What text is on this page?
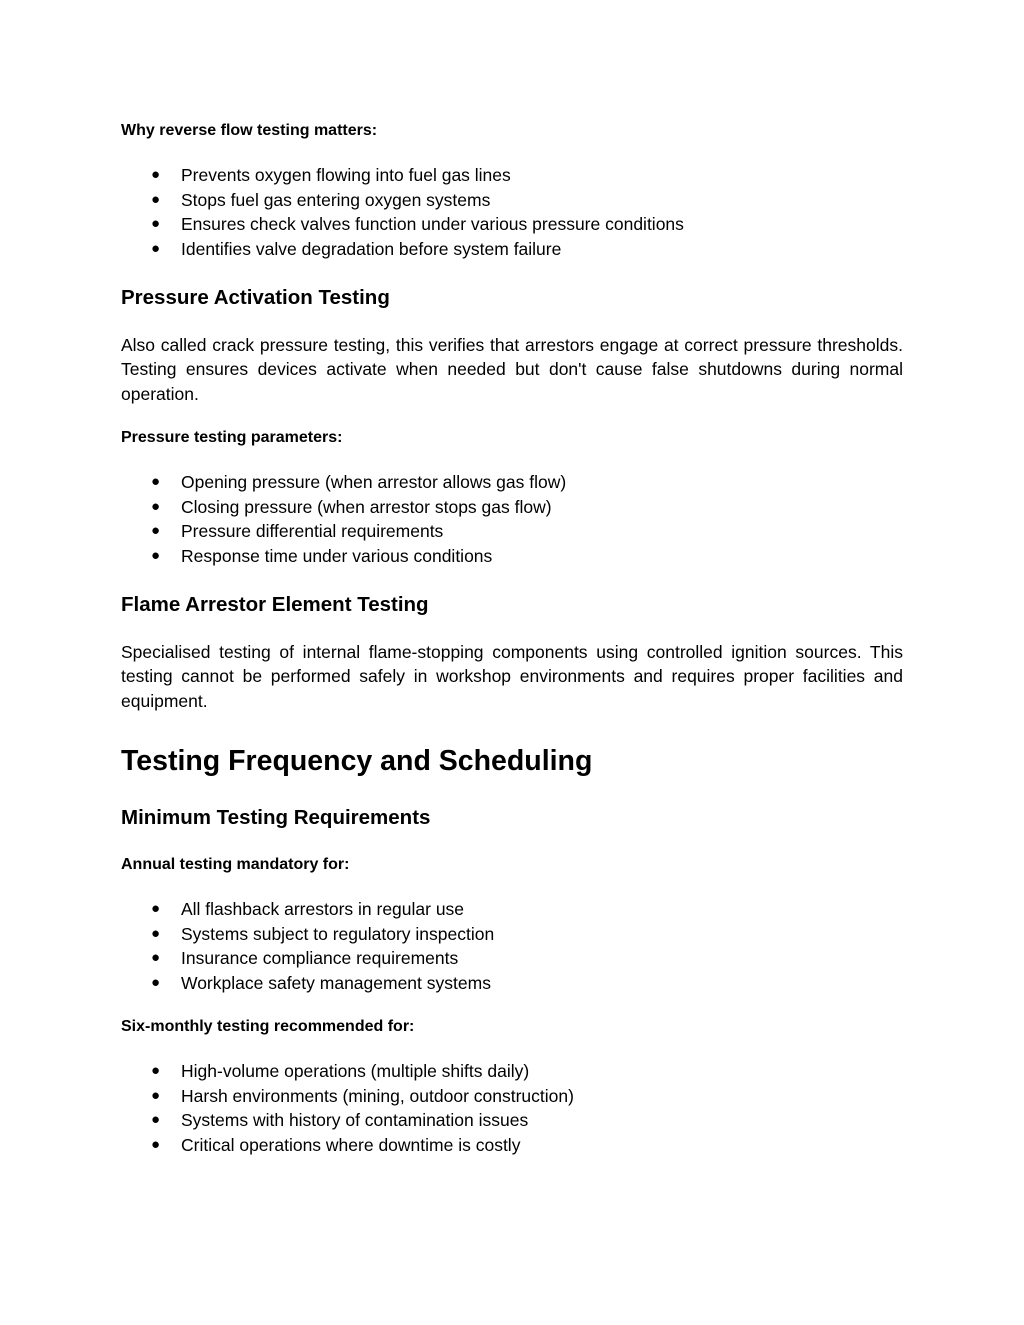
Why reverse flow testing matters:

● Prevents oxygen flowing into fuel gas lines
● Stops fuel gas entering oxygen systems
● Ensures check valves function under various pressure conditions
● Identifies valve degradation before system failure
Pressure Activation Testing

Also called crack pressure testing, this verifies that arrestors engage at correct pressure thresholds. Testing ensures devices activate when needed but don't cause false shutdowns during normal operation.

Pressure testing parameters:

● Opening pressure (when arrestor allows gas flow)
● Closing pressure (when arrestor stops gas flow)
● Pressure differential requirements
● Response time under various conditions
Flame Arrestor Element Testing

Specialised testing of internal flame-stopping components using controlled ignition sources. This testing cannot be performed safely in workshop environments and requires proper facilities and equipment.

Testing Frequency and Scheduling
Minimum Testing Requirements

Annual testing mandatory for:

● All flashback arrestors in regular use
● Systems subject to regulatory inspection
● Insurance compliance requirements
● Workplace safety management systems

Six-monthly testing recommended for:

● High-volume operations (multiple shifts daily)
● Harsh environments (mining, outdoor construction)
● Systems with history of contamination issues
● Critical operations where downtime is costly
